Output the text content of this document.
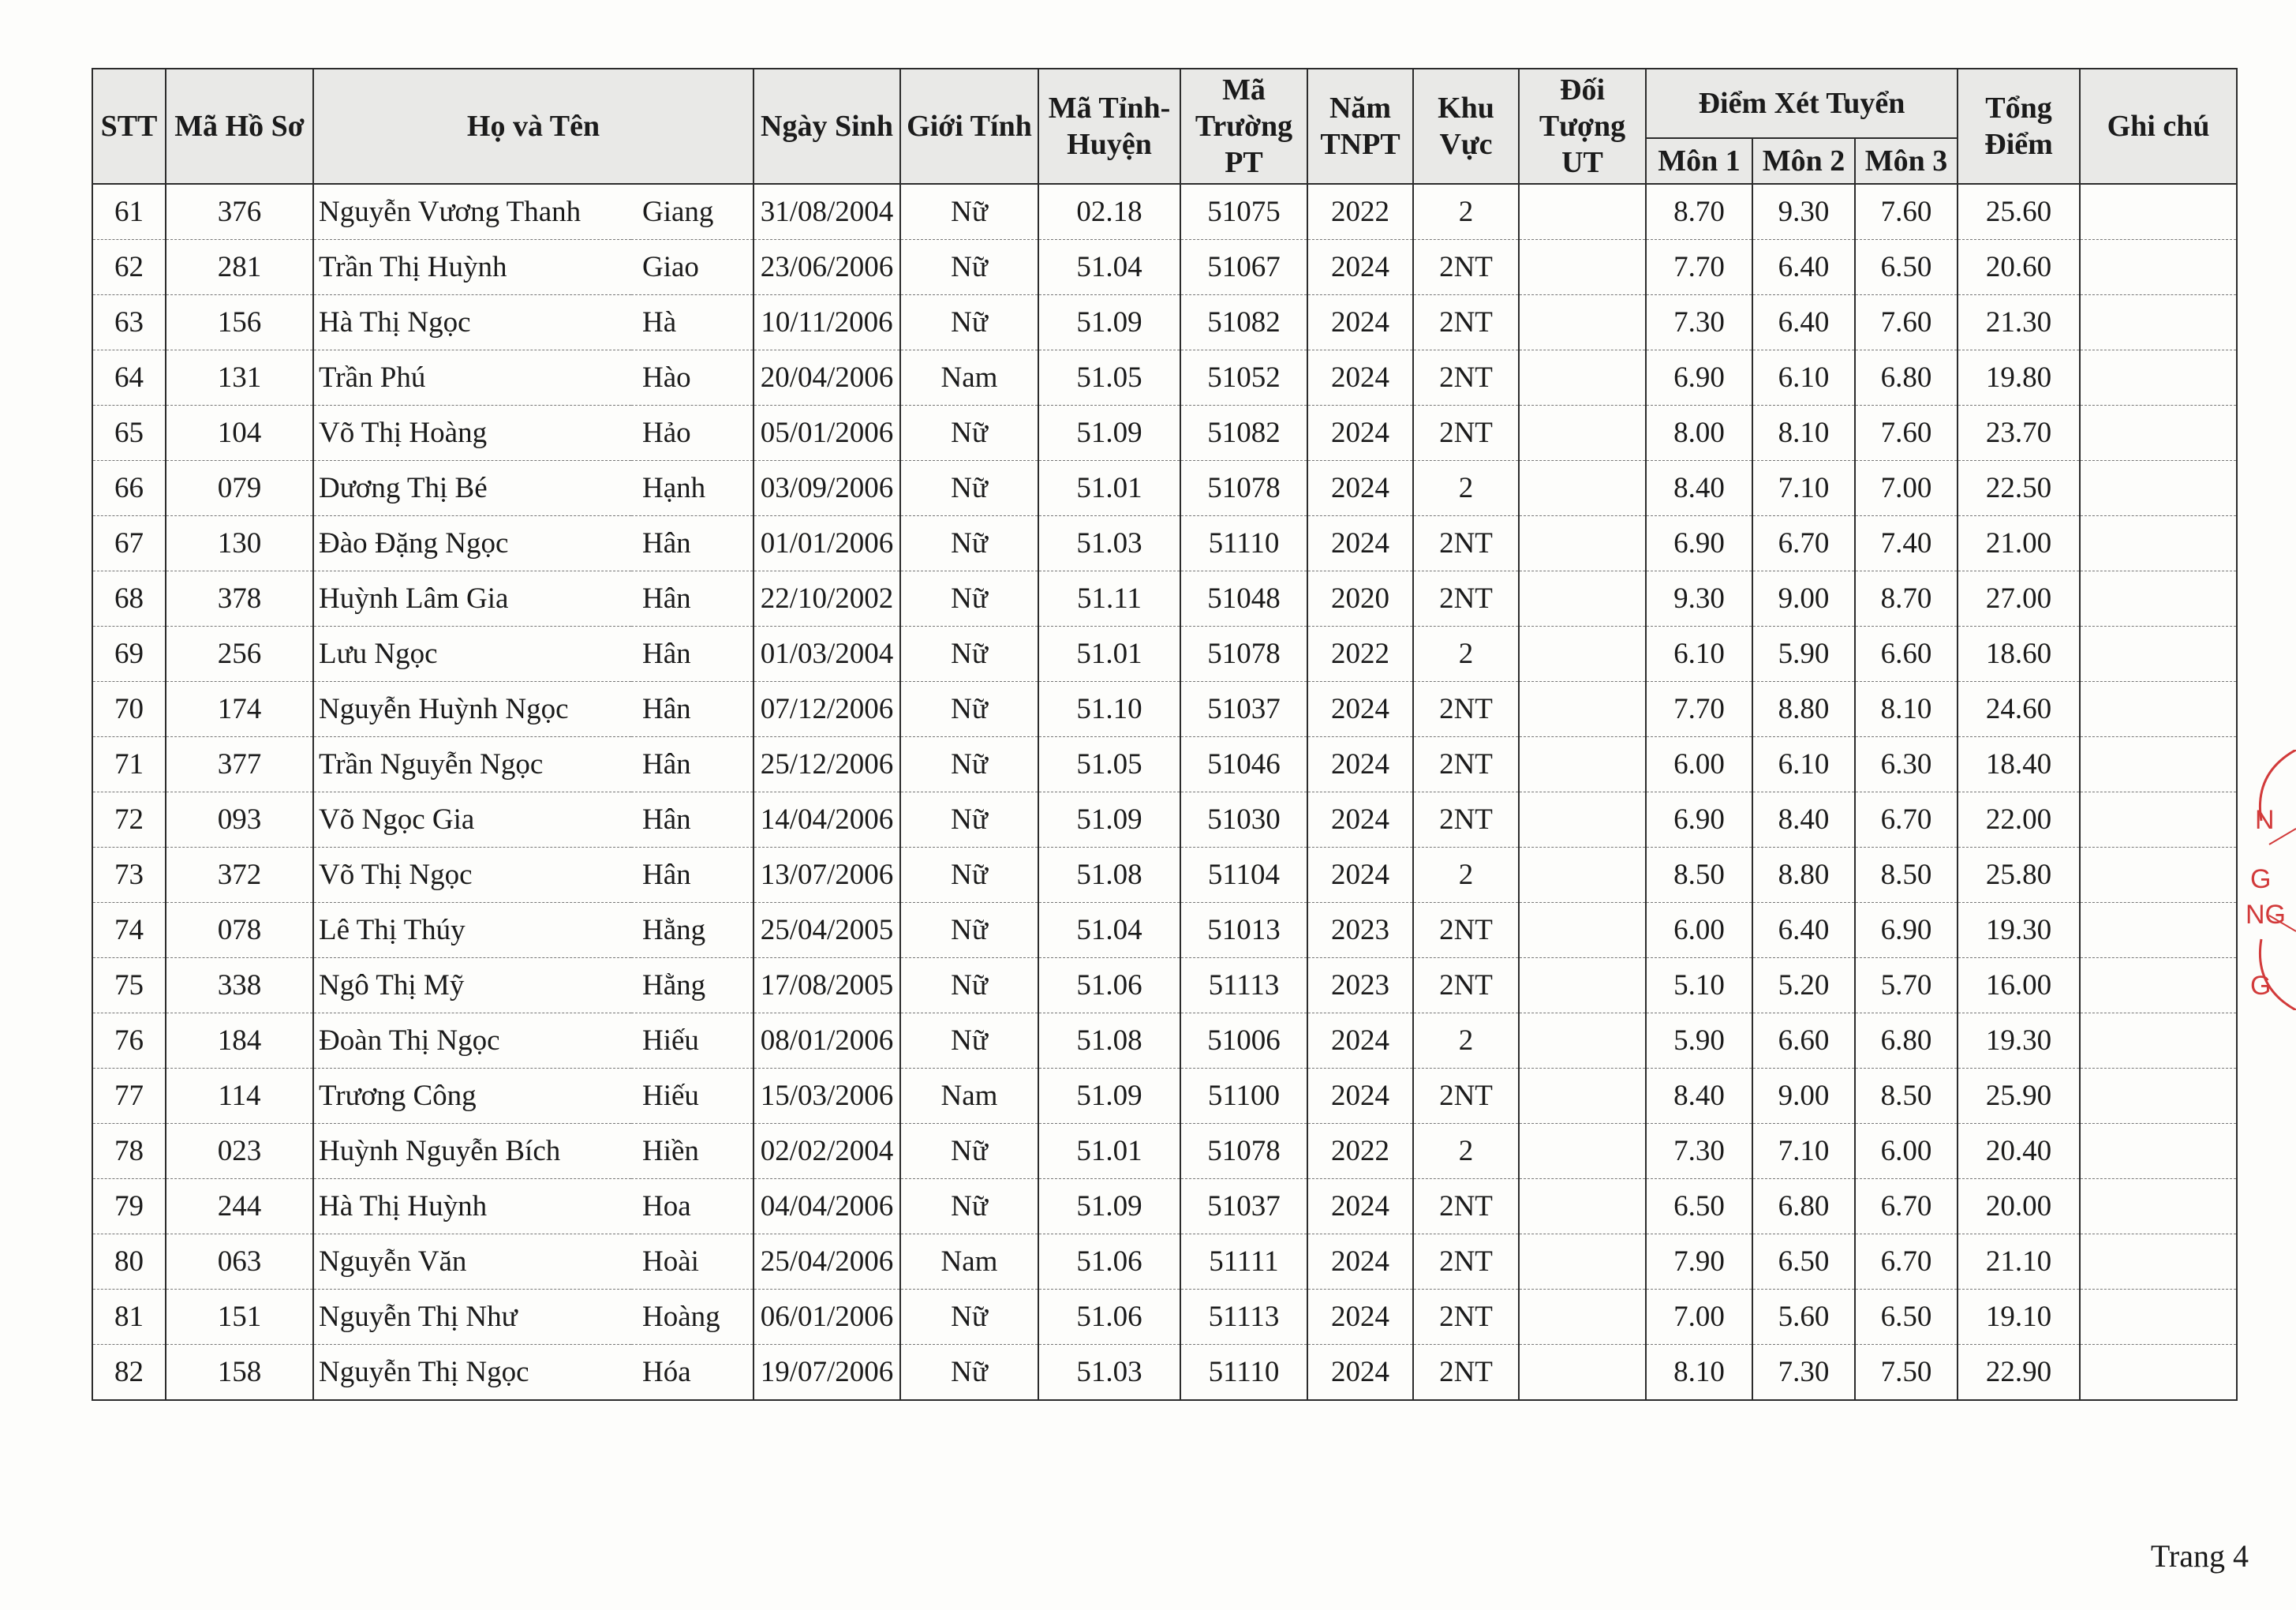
STT	Mã Hồ Sơ	Họ và Tên		Ngày Sinh	Giới Tính	Mã Tỉnh-Huyện	Mã Trường PT	Năm TNPT	Khu Vực	Đối Tượng UT	Điểm Xét Tuyển			Tổng Điểm	Ghi chú
											Môn 1	Môn 2	Môn 3		
61	376	Nguyễn Vương Thanh	Giang	31/08/2004	Nữ	02.18	51075	2022	2		8.70	9.30	7.60	25.60	
62	281	Trần Thị Huỳnh	Giao	23/06/2006	Nữ	51.04	51067	2024	2NT		7.70	6.40	6.50	20.60	
63	156	Hà Thị Ngọc	Hà	10/11/2006	Nữ	51.09	51082	2024	2NT		7.30	6.40	7.60	21.30	
64	131	Trần Phú	Hào	20/04/2006	Nam	51.05	51052	2024	2NT		6.90	6.10	6.80	19.80	
65	104	Võ Thị Hoàng	Hảo	05/01/2006	Nữ	51.09	51082	2024	2NT		8.00	8.10	7.60	23.70	
66	079	Dương Thị Bé	Hạnh	03/09/2006	Nữ	51.01	51078	2024	2		8.40	7.10	7.00	22.50	
67	130	Đào Đặng Ngọc	Hân	01/01/2006	Nữ	51.03	51110	2024	2NT		6.90	6.70	7.40	21.00	
68	378	Huỳnh Lâm Gia	Hân	22/10/2002	Nữ	51.11	51048	2020	2NT		9.30	9.00	8.70	27.00	
69	256	Lưu Ngọc	Hân	01/03/2004	Nữ	51.01	51078	2022	2		6.10	5.90	6.60	18.60	
70	174	Nguyễn Huỳnh Ngọc	Hân	07/12/2006	Nữ	51.10	51037	2024	2NT		7.70	8.80	8.10	24.60	
71	377	Trần Nguyễn Ngọc	Hân	25/12/2006	Nữ	51.05	51046	2024	2NT		6.00	6.10	6.30	18.40	
72	093	Võ Ngọc Gia	Hân	14/04/2006	Nữ	51.09	51030	2024	2NT		6.90	8.40	6.70	22.00	
73	372	Võ Thị Ngọc	Hân	13/07/2006	Nữ	51.08	51104	2024	2		8.50	8.80	8.50	25.80	
74	078	Lê Thị Thúy	Hằng	25/04/2005	Nữ	51.04	51013	2023	2NT		6.00	6.40	6.90	19.30	
75	338	Ngô Thị Mỹ	Hằng	17/08/2005	Nữ	51.06	51113	2023	2NT		5.10	5.20	5.70	16.00	
76	184	Đoàn Thị Ngọc	Hiếu	08/01/2006	Nữ	51.08	51006	2024	2		5.90	6.60	6.80	19.30	
77	114	Trương Công	Hiếu	15/03/2006	Nam	51.09	51100	2024	2NT		8.40	9.00	8.50	25.90	
78	023	Huỳnh Nguyễn Bích	Hiền	02/02/2004	Nữ	51.01	51078	2022	2		7.30	7.10	6.00	20.40	
79	244	Hà Thị Huỳnh	Hoa	04/04/2006	Nữ	51.09	51037	2024	2NT		6.50	6.80	6.70	20.00	
80	063	Nguyễn Văn	Hoài	25/04/2006	Nam	51.06	51111	2024	2NT		7.90	6.50	6.70	21.10	
81	151	Nguyễn Thị Như	Hoàng	06/01/2006	Nữ	51.06	51113	2024	2NT		7.00	5.60	6.50	19.10	
82	158	Nguyễn Thị Ngọc	Hóa	19/07/2006	Nữ	51.03	51110	2024	2NT		8.10	7.30	7.50	22.90	
Trang 4
N
G
NG
G
